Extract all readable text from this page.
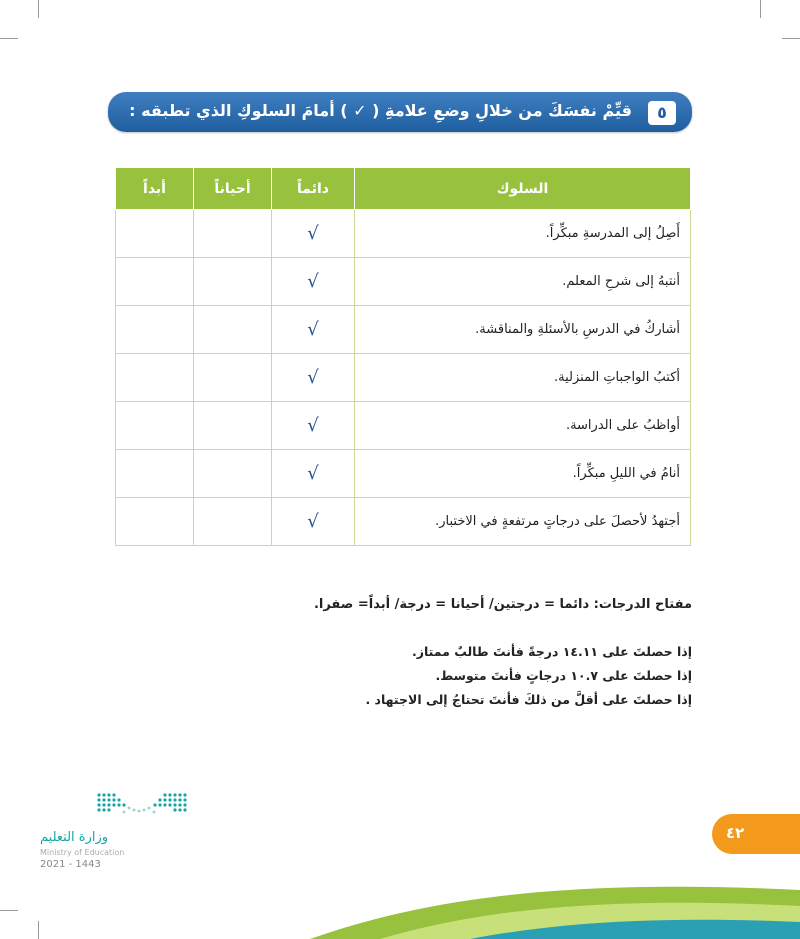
قيِّمْ نفسَكَ من خلالِ وضعِ علامةِ ( ✓ ) أمامَ السلوكِ الذي تطبقه :	٥
أبداً	أحياناً	دائماً	السلوك
		√	أَصِلُ إلى المدرسةِ مبكِّراً.
		√	أنتبهُ إلى شرحِ المعلم.
		√	أشاركُ في الدرسِ بالأسئلةِ والمناقشة.
		√	أكتبُ الواجباتِ المنزلية.
		√	أواظبُ على الدراسة.
		√	أنامُ في الليلِ مبكِّراً.
		√	أجتهدُ لأحصلَ على درجاتٍ مرتفعةٍ في الاختبار.
مفتاح الدرجات: دائما = درجتين/ أحيانا = درجة/ أبداً= صفرا.
إذا حصلتَ على ١٤.١١ درجةً فأنتَ طالبٌ ممتاز.
إذا حصلتَ على ١٠.٧ درجاتٍ فأنتَ متوسط.
إذا حصلتَ على أقلَّ من ذلكَ فأنتَ تحتاجُ إلى الاجتهاد .
وزارة التعليم
Ministry of Education
2021 - 1443
٤٢
